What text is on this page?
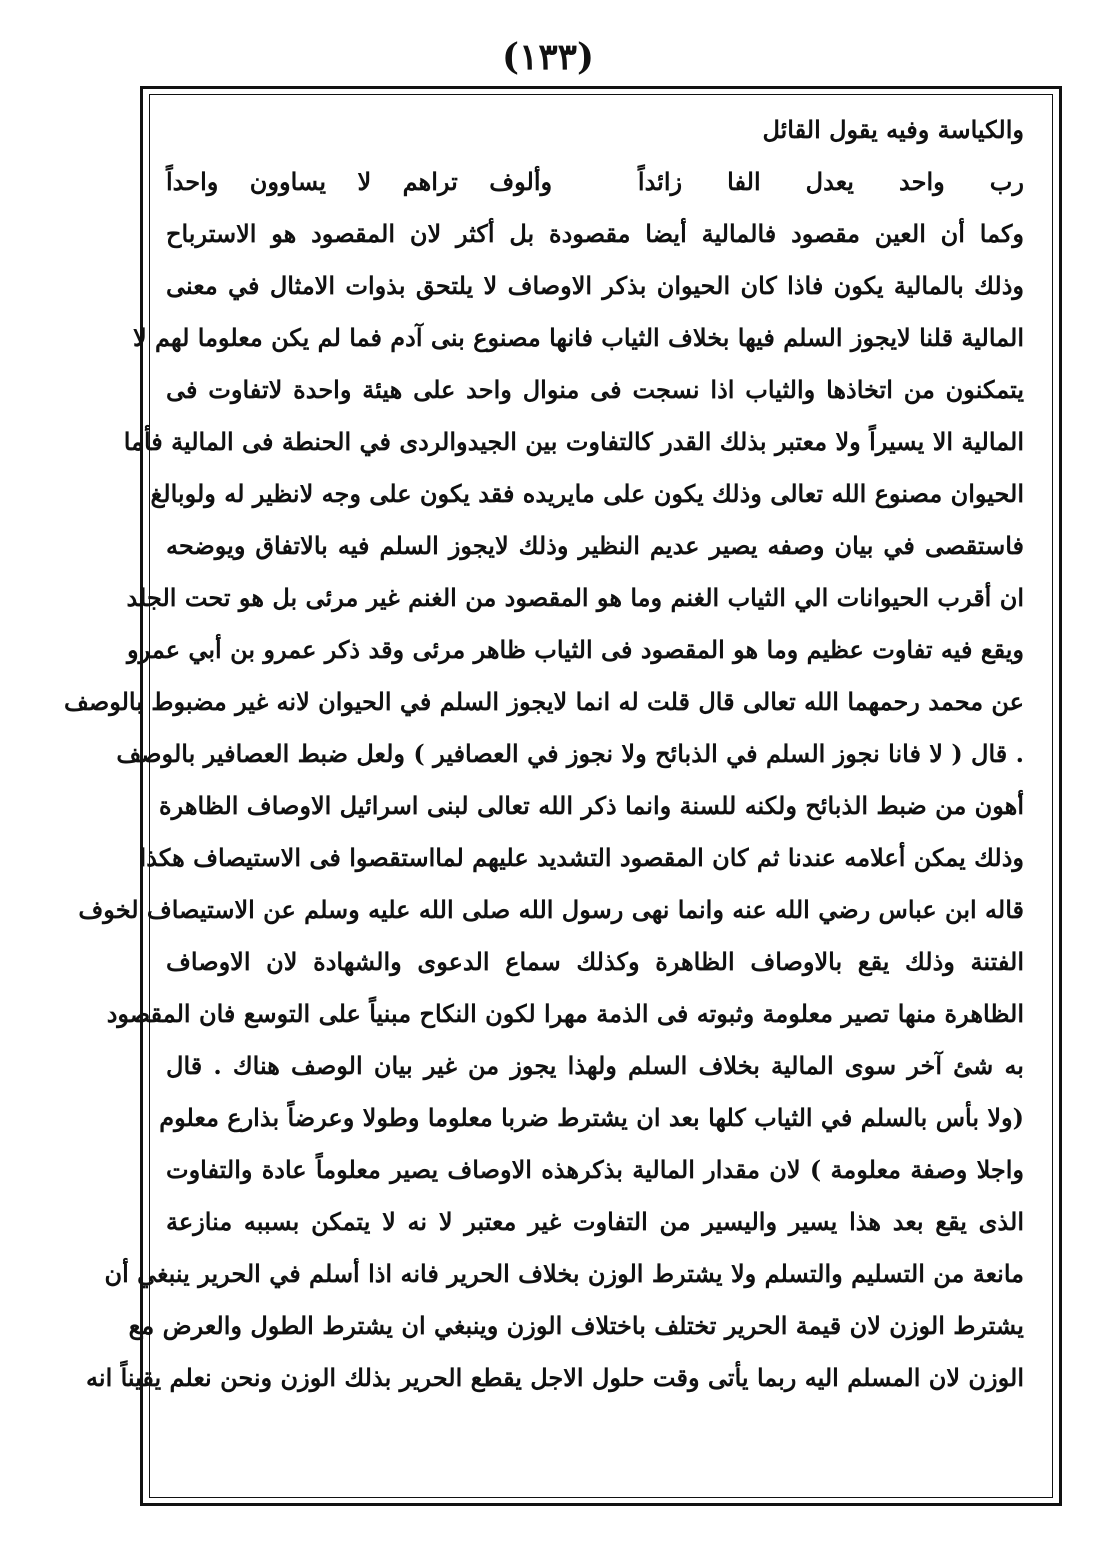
(١٣٣)
والكياسة وفيه يقول القائل
رب واحد يعدل الفا زائداً
وألوف تراهم لا يساوون واحداً
وكما أن العين مقصود فالمالية أيضا مقصودة بل أكثر لان المقصود هو الاسترباح
وذلك بالمالية يكون فاذا كان الحيوان بذكر الاوصاف لا يلتحق بذوات الامثال في معنى
المالية قلنا لايجوز السلم فيها بخلاف الثياب فانها مصنوع بنى آدم فما لم يكن معلوما لهم لا
يتمكنون من اتخاذها والثياب اذا نسجت فى منوال واحد على هيئة واحدة لاتفاوت فى
المالية الا يسيراً ولا معتبر بذلك القدر كالتفاوت بين الجيدوالردى في الحنطة فى المالية فأما
الحيوان مصنوع الله تعالى وذلك يكون على مايريده فقد يكون على وجه لانظير له ولوبالغ
فاستقصى في بيان وصفه يصير عديم النظير وذلك لايجوز السلم فيه بالاتفاق ويوضحه
ان أقرب الحيوانات الي الثياب الغنم وما هو المقصود من الغنم غير مرئى بل هو تحت الجلد
ويقع فيه تفاوت عظيم وما هو المقصود فى الثياب ظاهر مرئى وقد ذكر عمرو بن أبي عمرو
عن محمد رحمهما الله تعالى قال قلت له انما لايجوز السلم في الحيوان لانه غير مضبوط بالوصف
. قال ( لا فانا نجوز السلم في الذبائح ولا نجوز في العصافير ) ولعل ضبط العصافير بالوصف
أهون من ضبط الذبائح ولكنه للسنة وانما ذكر الله تعالى لبنى اسرائيل الاوصاف الظاهرة
وذلك يمكن أعلامه عندنا ثم كان المقصود التشديد عليهم لمااستقصوا فى الاستيصاف هكذا
قاله ابن عباس رضي الله عنه وانما نهى رسول الله صلى الله عليه وسلم عن الاستيصاف لخوف
الفتنة وذلك يقع بالاوصاف الظاهرة وكذلك سماع الدعوى والشهادة لان الاوصاف
الظاهرة منها تصير معلومة وثبوته فى الذمة مهرا لكون النكاح مبنياً على التوسع فان المقصود
به شئ آخر سوى المالية بخلاف السلم ولهذا يجوز من غير بيان الوصف هناك . قال
(ولا بأس بالسلم في الثياب كلها بعد ان يشترط ضربا معلوما وطولا وعرضاً بذارع معلوم
واجلا وصفة معلومة ) لان مقدار المالية بذكرهذه الاوصاف يصير معلوماً عادة والتفاوت
الذى يقع بعد هذا يسير واليسير من التفاوت غير معتبر لا نه لا يتمكن بسببه منازعة
مانعة من التسليم والتسلم ولا يشترط الوزن بخلاف الحرير فانه اذا أسلم في الحرير ينبغي أن
يشترط الوزن لان قيمة الحرير تختلف باختلاف الوزن وينبغي ان يشترط الطول والعرض مع
الوزن لان المسلم اليه ربما يأتى وقت حلول الاجل يقطع الحرير بذلك الوزن ونحن نعلم يقيناً انه
